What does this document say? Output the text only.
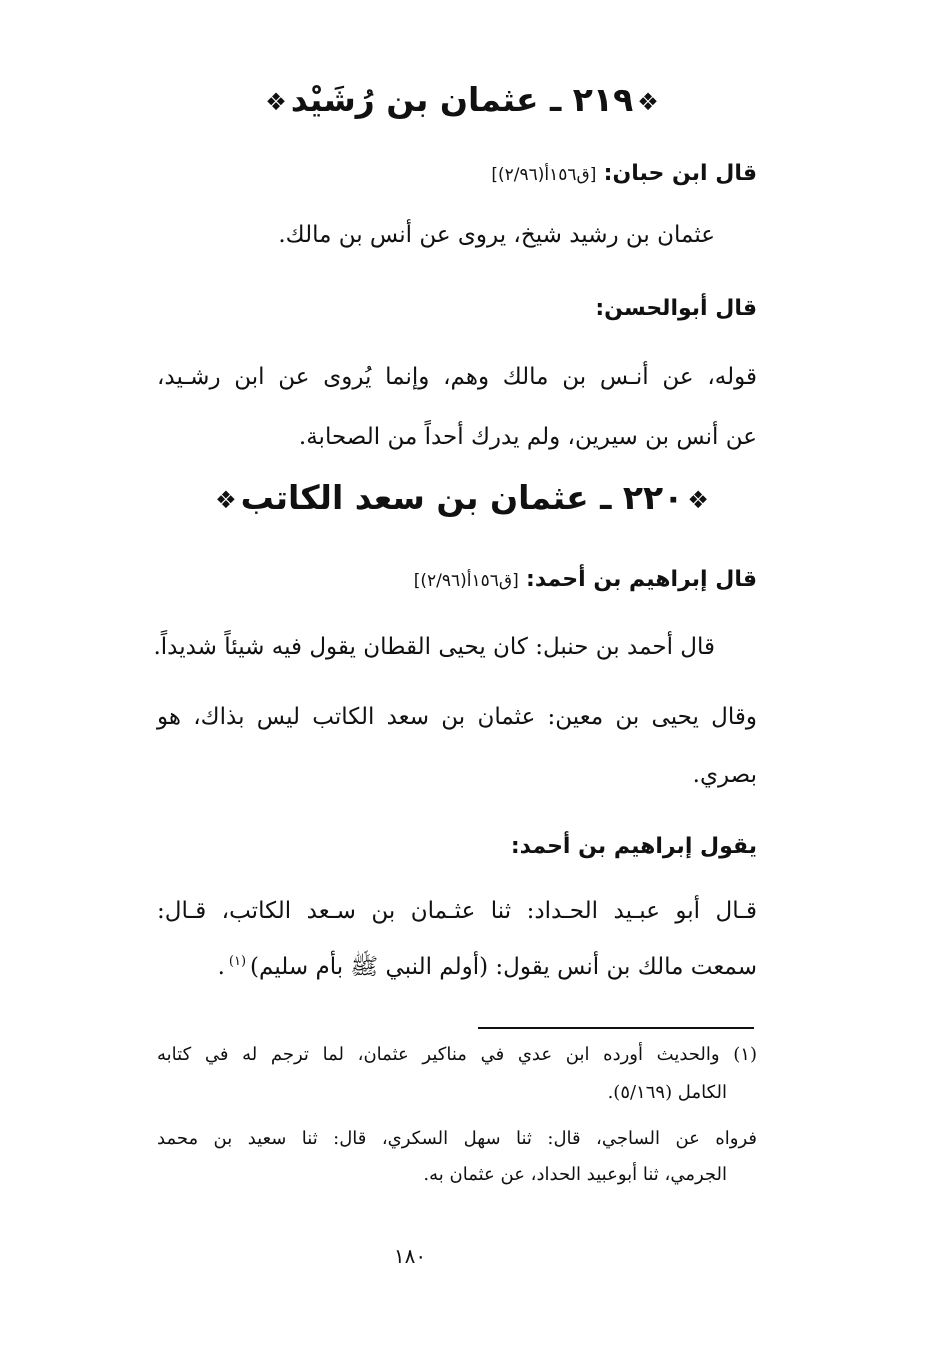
❖٢١٩ ـ عثمان بن رُشَيْد❖
قال ابن حبان: [ق١٥٦أ(٢/٩٦)]
عثمان بن رشيد شيخ، يروى عن أنس بن مالك.
قال أبوالحسن:
قوله، عن أنـس بن مالك وهم، وإنما يُروى عن ابن رشـيد،
عن أنس بن سيرين، ولم يدرك أحداً من الصحابة.
❖٢٢٠ ـ عثمان بن سعد الكاتب❖
قال إبراهيم بن أحمد: [ق١٥٦أ(٢/٩٦)]
قال أحمد بن حنبل: كان يحيى القطان يقول فيه شيئاً شديداً.
وقال يحيى بن معين: عثمان بن سعد الكاتب ليس بذاك، هو
بصري.
يقول إبراهيم بن أحمد:
قـال أبو عبـيد الحـداد: ثنا عثـمان بن سـعد الكاتب، قـال:
سمعت مالك بن أنس يقول: (أولم النبي ﷺ بأم سليم)$^{(١)}$.
(١) والحديث أورده ابن عدي في مناكير عثمان، لما ترجم له في كتابه
الكامل (٥/١٦٩).
فرواه عن الساجي، قال: ثنا سهل السكري، قال: ثنا سعيد بن محمد
الجرمي، ثنا أبوعبيد الحداد، عن عثمان به.
١٨٠
